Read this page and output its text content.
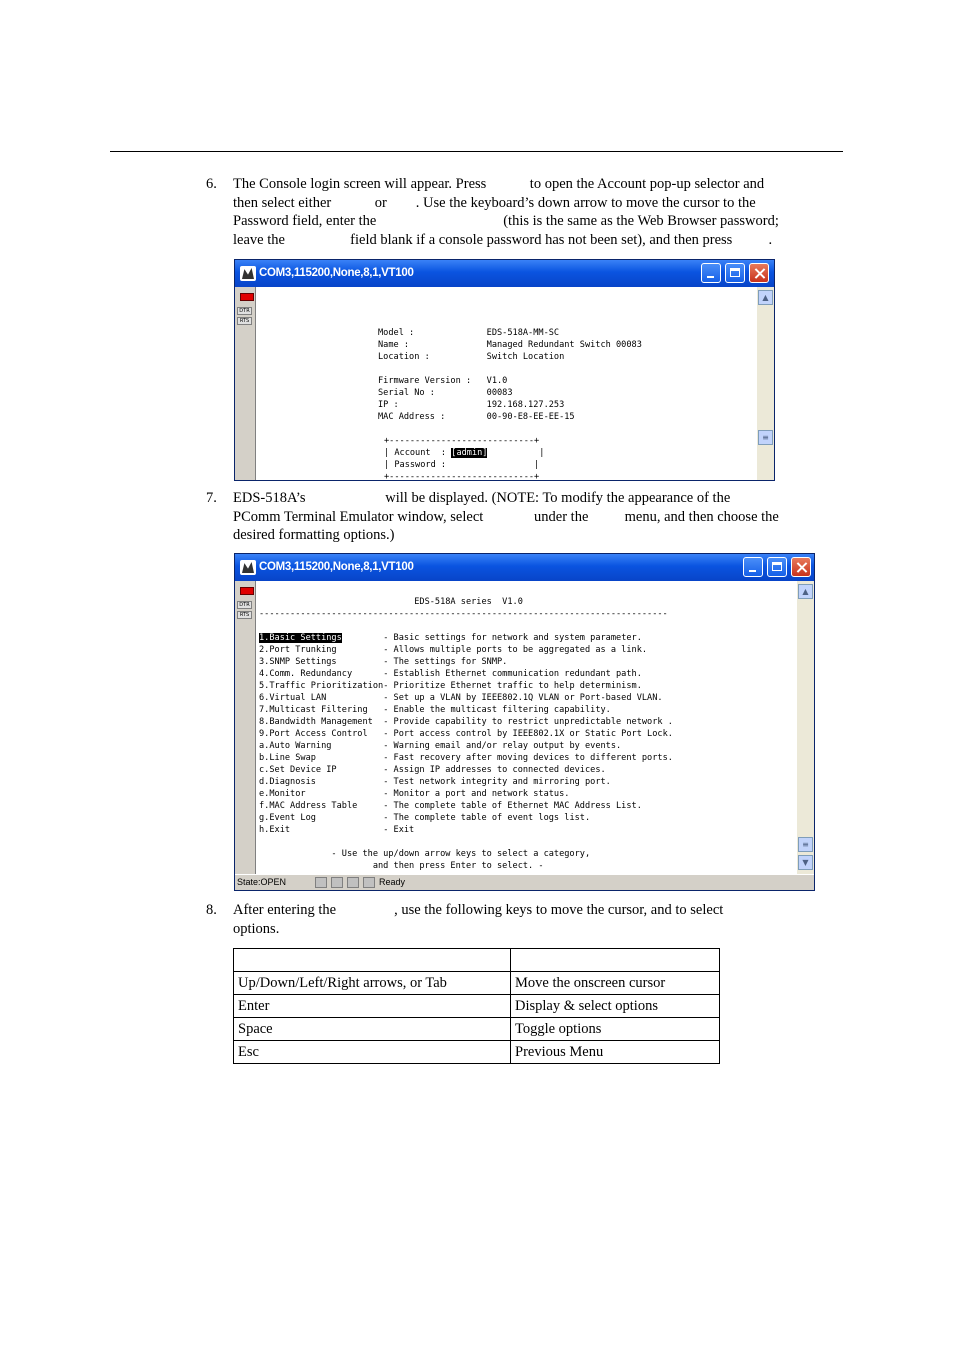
6. The Console login screen will appear. Press            to open the Account pop-up selector and
then select either            or        . Use the keyboard’s down arrow to move the cursor to the
Password field, enter the                                   (this is the same as the Web Browser password;
leave the                  field blank if a console password has not been set), and then press          .
COM3,115200,None,8,1,VT100
DTR
RTS
▲
≡

Model :              EDS-518A-MM-SC
Name :               Managed Redundant Switch 00083
Location :           Switch Location
Firmware Version :   V1.0
Serial No :          00083
IP :                 192.168.127.253
MAC Address :        00-90-E8-EE-EE-15
+----------------------------+
| Account  : [admin]          |
| Password :                 |
+----------------------------+

7. EDS-518A’s                      will be displayed. (NOTE: To modify the appearance of the
PComm Terminal Emulator window, select              under the          menu, and then choose the
desired formatting options.)
COM3,115200,None,8,1,VT100
DTR
RTS
▲
≡
▼

EDS-518A series  V1.0
-------------------------------------------------------------------------------
1.Basic Settings	- Basic settings for network and system parameter.
2.Port Trunking	- Allows multiple ports to be aggregated as a link.
3.SNMP Settings	- The settings for SNMP.
4.Comm. Redundancy	- Establish Ethernet communication redundant path.
5.Traffic Prioritization- Prioritize Ethernet traffic to help determinism.
6.Virtual LAN	- Set up a VLAN by IEEE802.1Q VLAN or Port-based VLAN.
7.Multicast Filtering - Enable the multicast filtering capability.
8.Bandwidth Management - Provide capability to restrict unpredictable network .
9.Port Access Control - Port access control by IEEE802.1X or Static Port Lock.
a.Auto Warning	- Warning email and/or relay output by events.
b.Line Swap	- Fast recovery after moving devices to different ports.
c.Set Device IP	- Assign IP addresses to connected devices.
d.Diagnosis	- Test network integrity and mirroring port.
e.Monitor	- Monitor a port and network status.
f.MAC Address Table	- The complete table of Ethernet MAC Address List.
g.Event Log	- The complete table of event logs list.
h.Exit	- Exit
- Use the up/down arrow keys to select a category,
and then press Enter to select. -

State:OPEN	Ready
8. After entering the                , use the following keys to move the cursor, and to select
options.

Up/Down/Left/Right arrows, or Tab	Move the onscreen cursor
Enter	Display & select options
Space	Toggle options
Esc	Previous Menu
